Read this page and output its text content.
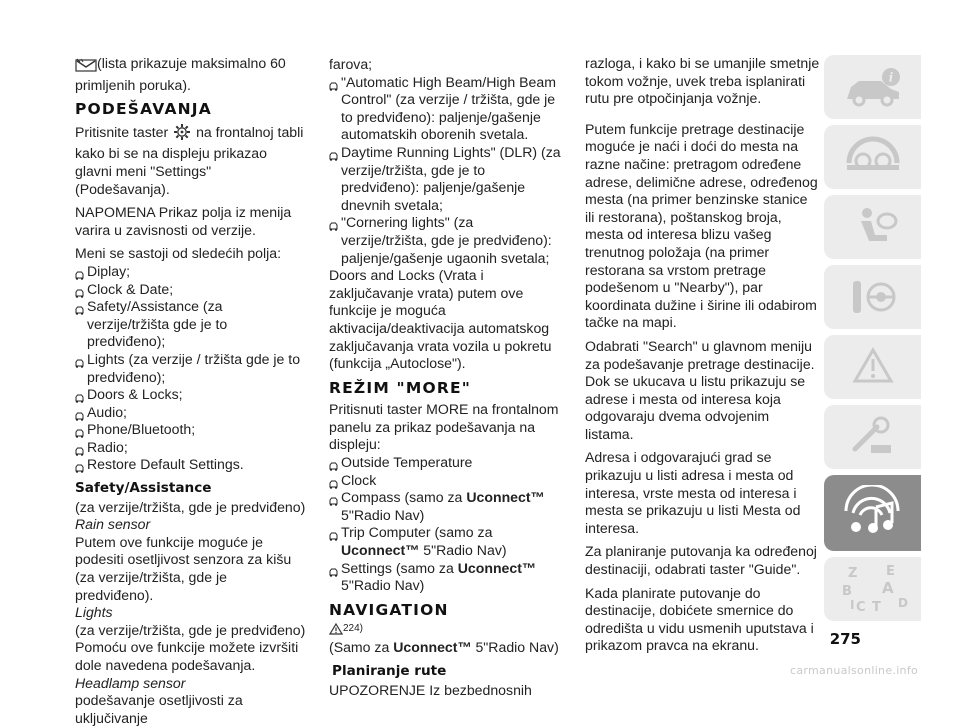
(lista prikazuje maksimalno 60 primljenih poruka).

PODEŠAVANJA

Pritisnite taster na frontalnoj tabli kako bi se na displeju prikazao glavni meni "Settings" (Podešavanja).

NAPOMENA Prikaz polja iz menija varira u zavisnosti od verzije.

Meni se sastoji od sledećih polja:

Diplay;
Clock & Date;
Safety/Assistance (za verzije/tržišta gde je to predviđeno);
Lights (za verzije / tržišta gde je to predviđeno);
Doors & Locks;
Audio;
Phone/Bluetooth;
Radio;
Restore Default Settings.
Safety/Assistance

(za verzije/tržišta, gde je predviđeno)

Rain sensor

Putem ove funkcije moguće je podesiti osetljivost senzora za kišu (za verzije/tržišta, gde je predviđeno).

Lights

(za verzije/tržišta, gde je predviđeno)

Pomoću ove funkcije možete izvršiti dole navedena podešavanja.

Headlamp sensor

podešavanje osetljivosti za uključivanje

farova;

"Automatic High Beam/High Beam Control" (za verzije / tržišta, gde je to predviđeno): paljenje/gašenje automatskih oborenih svetala.
Daytime Running Lights" (DLR) (za verzije/tržišta, gde je to predviđeno): paljenje/gašenje dnevnih svetala;
"Cornering lights" (za verzije/tržišta, gde je predviđeno): paljenje/gašenje ugaonih svetala;

Doors and Locks (Vrata i zaključavanje vrata) putem ove funkcije je moguća aktivacija/deaktivacija automatskog zaključavanja vrata vozila u pokretu (funkcija „Autoclose").

REŽIM "MORE"

Pritisnuti taster MORE na frontalnom panelu za prikaz podešavanja na displeju:

Outside Temperature
Clock
Compass (samo za Uconnect™ 5"Radio Nav)
Trip Computer (samo za Uconnect™ 5"Radio Nav)
Settings (samo za Uconnect™ 5"Radio Nav)
NAVIGATION

224)

(Samo za Uconnect™ 5"Radio Nav)

Planiranje rute

UPOZORENJE Iz bezbednosnih

razloga, i kako bi se umanjile smetnje tokom vožnje, uvek treba isplanirati rutu pre otpočinjanja vožnje.

Putem funkcije pretrage destinacije moguće je naći i doći do mesta na razne načine: pretragom određene adrese, delimične adrese, određenog mesta (na primer benzinske stanice ili restorana), poštanskog broja, mesta od interesa blizu vašeg trenutnog položaja (na primer restorana sa vrstom pretrage podešenom u "Nearby"), par koordinata dužine i širine ili odabirom tačke na mapi.

Odabrati "Search" u glavnom meniju za podešavanje pretrage destinacije. Dok se ukucava u listu prikazuju se adrese i mesta od interesa koja odgovaraju dvema odvojenim listama.

Adresa i odgovarajući grad se prikazuju u listi adresa i mesta od interesa, vrste mesta od interesa i mesta se prikazuju u listi Mesta od interesa.

Za planiranje putovanja ka određenoj destinaciji, odabrati taster "Guide".

Kada planirate putovanje do destinacije, dobićete smernice do odredišta u vidu usmenih uputstava i prikazom pravca na ekranu.

i
Z E
B A
C T D
I
275
carmanualsonline.info
